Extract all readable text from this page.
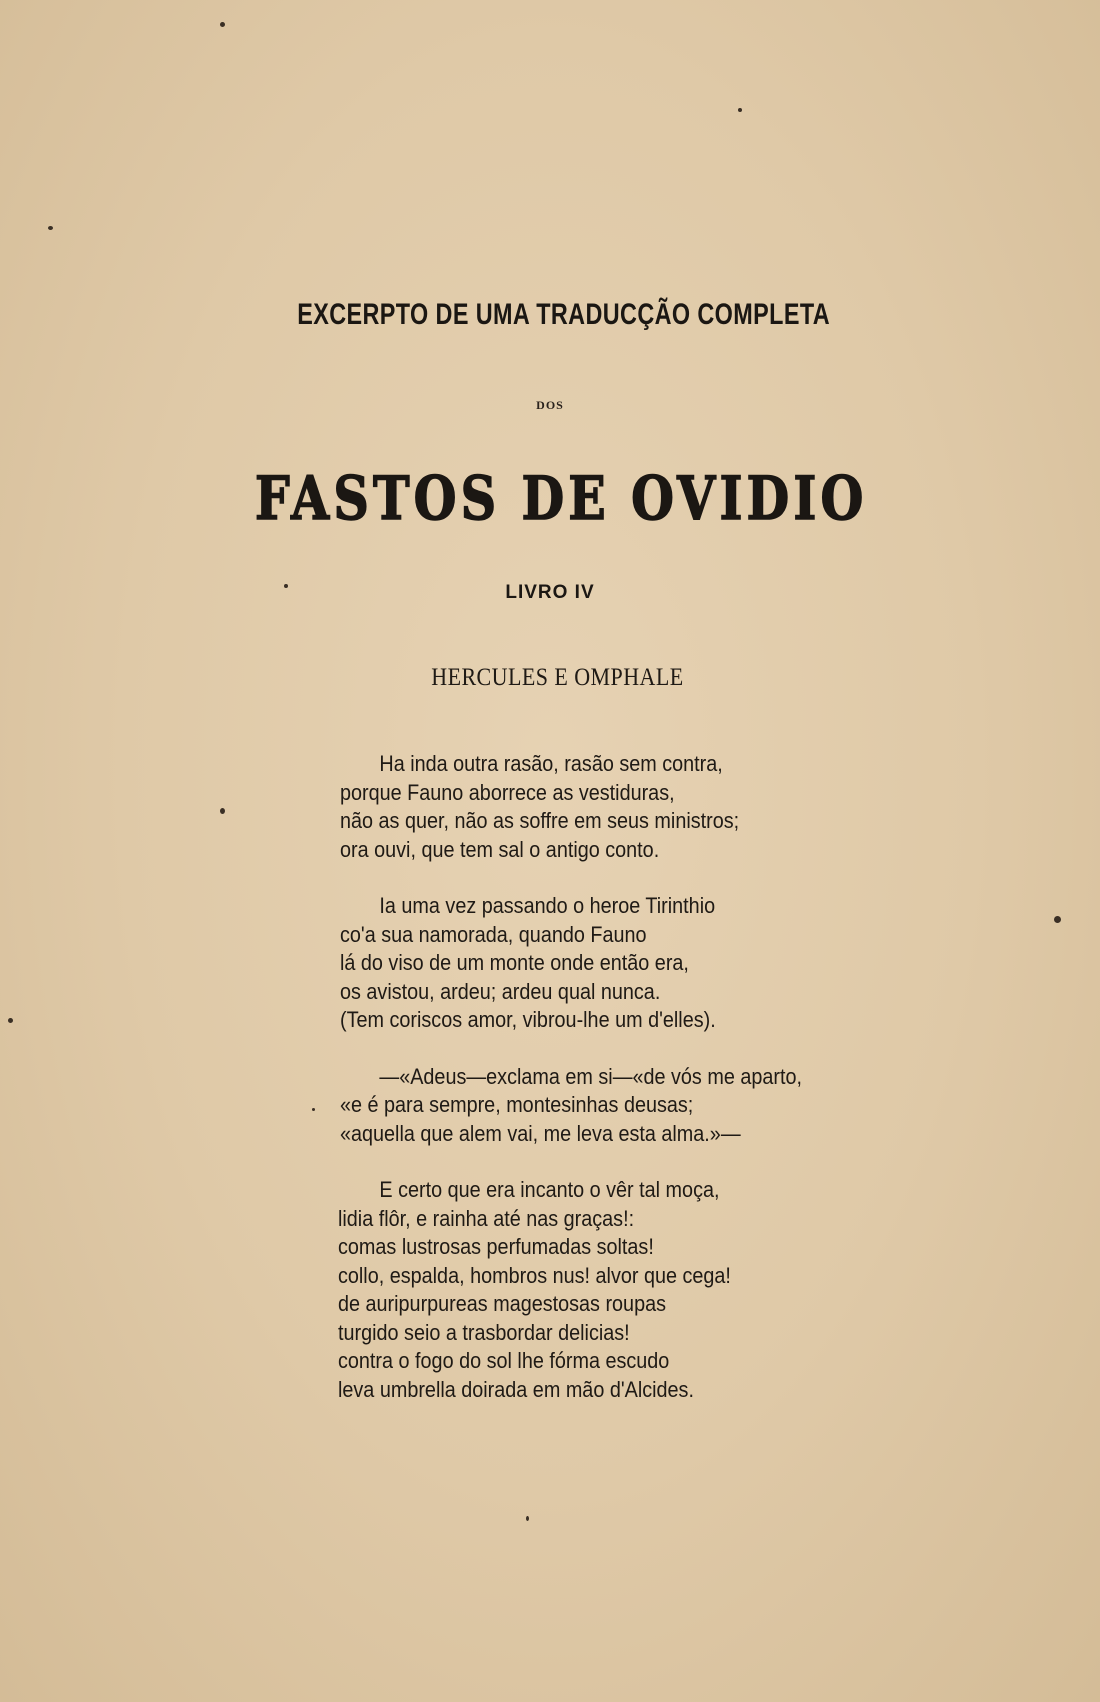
EXCERPTO DE UMA TRADUCÇÃO COMPLETA
DOS
FASTOS DE OVIDIO
LIVRO IV
HERCULES E OMPHALE
Ha inda outra rasão, rasão sem contra,
porque Fauno aborrece as vestiduras,
não as quer, não as soffre em seus ministros;
ora ouvi, que tem sal o antigo conto.
Ia uma vez passando o heroe Tirinthio
co'a sua namorada, quando Fauno
lá do viso de um monte onde então era,
os avistou, ardeu; ardeu qual nunca.
(Tem coriscos amor, vibrou-lhe um d'elles).
—«Adeus—exclama em si—«de vós me aparto,
«e é para sempre, montesinhas deusas;
«aquella que alem vai, me leva esta alma.»—
E certo que era incanto o vêr tal moça,
lidia flôr, e rainha até nas graças!:
comas lustrosas perfumadas soltas!
collo, espalda, hombros nus! alvor que cega!
de auripurpureas magestosas roupas
turgido seio a trasbordar delicias!
contra o fogo do sol lhe fórma escudo
leva umbrella doirada em mão d'Alcides.
